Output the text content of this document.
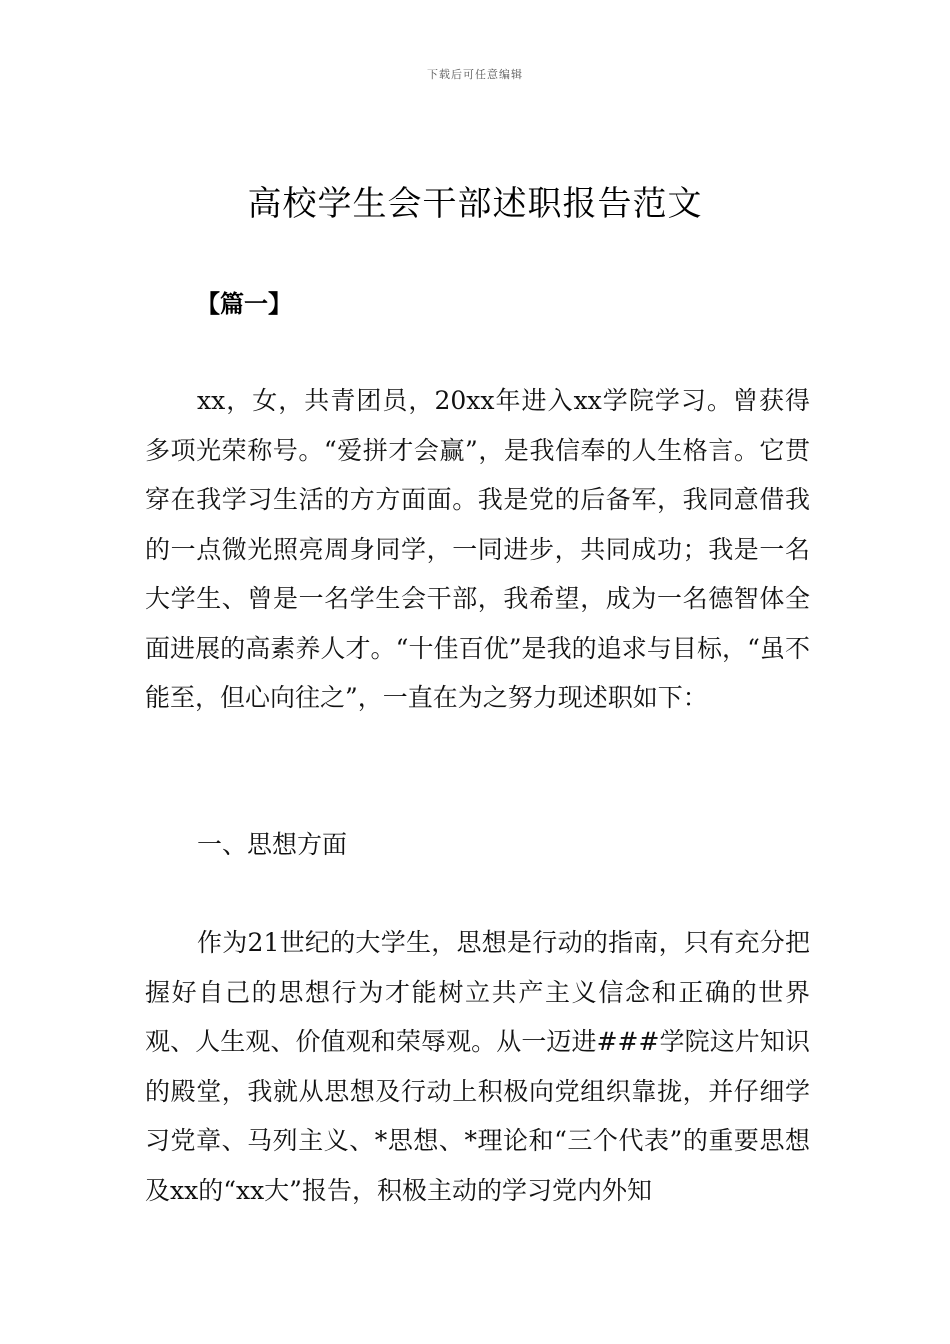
下载后可任意编辑
高校学生会干部述职报告范文
【篇一】

xx，女，共青团员，20xx年进入xx学院学习。曾获得多项光荣称号。“爱拼才会赢”，是我信奉的人生格言。它贯穿在我学习生活的方方面面。我是党的后备军，我同意借我的一点微光照亮周身同学，一同进步，共同成功；我是一名大学生、曾是一名学生会干部，我希望，成为一名德智体全面进展的高素养人才。“十佳百优”是我的追求与目标，“虽不能至，但心向往之”，一直在为之努力现述职如下：

一、思想方面

作为21世纪的大学生，思想是行动的指南，只有充分把握好自己的思想行为才能树立共产主义信念和正确的世界观、人生观、价值观和荣辱观。从一迈进###学院这片知识的殿堂，我就从思想及行动上积极向党组织靠拢，并仔细学习党章、马列主义、*思想、*理论和“三个代表”的重要思想及xx的“xx大”报告，积极主动的学习党内外知
